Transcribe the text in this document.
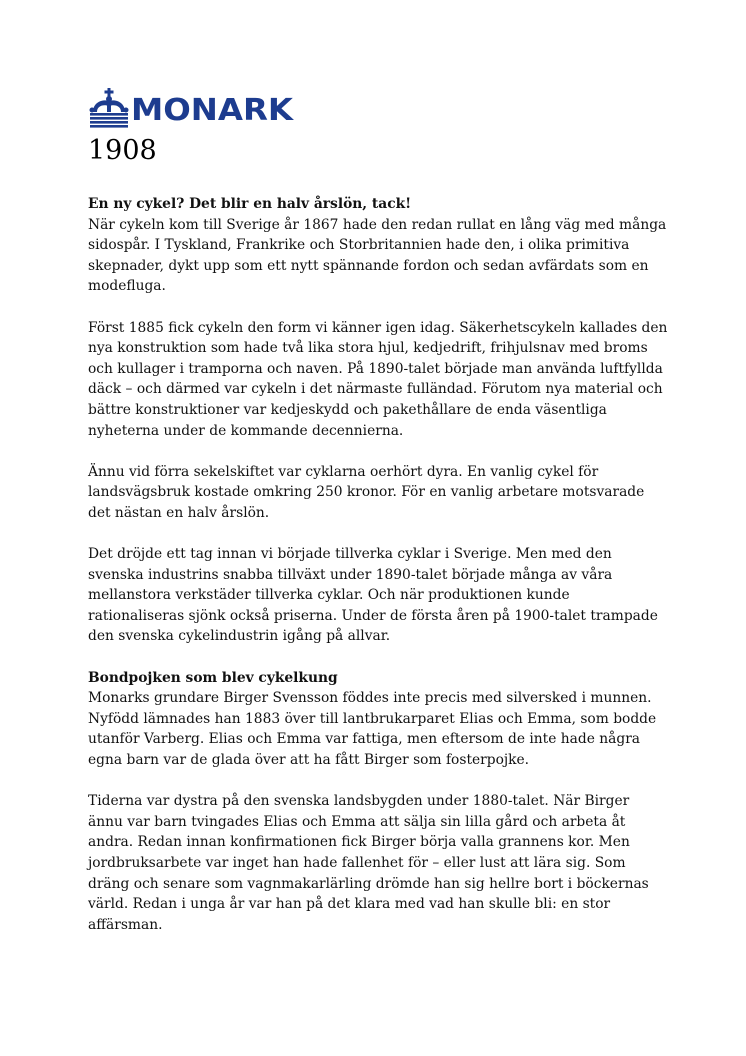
MONARK
1908
En ny cykel? Det blir en halv årslön, tack!

När cykeln kom till Sverige år 1867 hade den redan rullat en lång väg med många sidospår. I Tyskland, Frankrike och Storbritannien hade den, i olika primitiva skepnader, dykt upp som ett nytt spännande fordon och sedan avfärdats som en modefluga.

Först 1885 fick cykeln den form vi känner igen idag. Säkerhetscykeln kallades den nya konstruktion som hade två lika stora hjul, kedjedrift, frihjulsnav med broms och kullager i tramporna och naven. På 1890-talet började man använda luftfyllda däck – och därmed var cykeln i det närmaste fulländad. Förutom nya material och bättre konstruktioner var kedjeskydd och pakethållare de enda väsentliga nyheterna under de kommande decennierna.

Ännu vid förra sekelskiftet var cyklarna oerhört dyra. En vanlig cykel för landsvägsbruk kostade omkring 250 kronor. För en vanlig arbetare motsvarade det nästan en halv årslön.

Det dröjde ett tag innan vi började tillverka cyklar i Sverige. Men med den svenska industrins snabba tillväxt under 1890-talet började många av våra mellanstora verkstäder tillverka cyklar. Och när produktionen kunde rationaliseras sjönk också priserna. Under de första åren på 1900-talet trampade den svenska cykelindustrin igång på allvar.

Bondpojken som blev cykelkung

Monarks grundare Birger Svensson föddes inte precis med silversked i munnen. Nyfödd lämnades han 1883 över till lantbrukarparet Elias och Emma, som bodde utanför Varberg. Elias och Emma var fattiga, men eftersom de inte hade några egna barn var de glada över att ha fått Birger som fosterpojke.

Tiderna var dystra på den svenska landsbygden under 1880-talet. När Birger ännu var barn tvingades Elias och Emma att sälja sin lilla gård och arbeta åt andra. Redan innan konfirmationen fick Birger börja valla grannens kor. Men jordbruksarbete var inget han hade fallenhet för – eller lust att lära sig. Som dräng och senare som vagnmakarlärling drömde han sig hellre bort i böckernas värld. Redan i unga år var han på det klara med vad han skulle bli: en stor affärsman.
